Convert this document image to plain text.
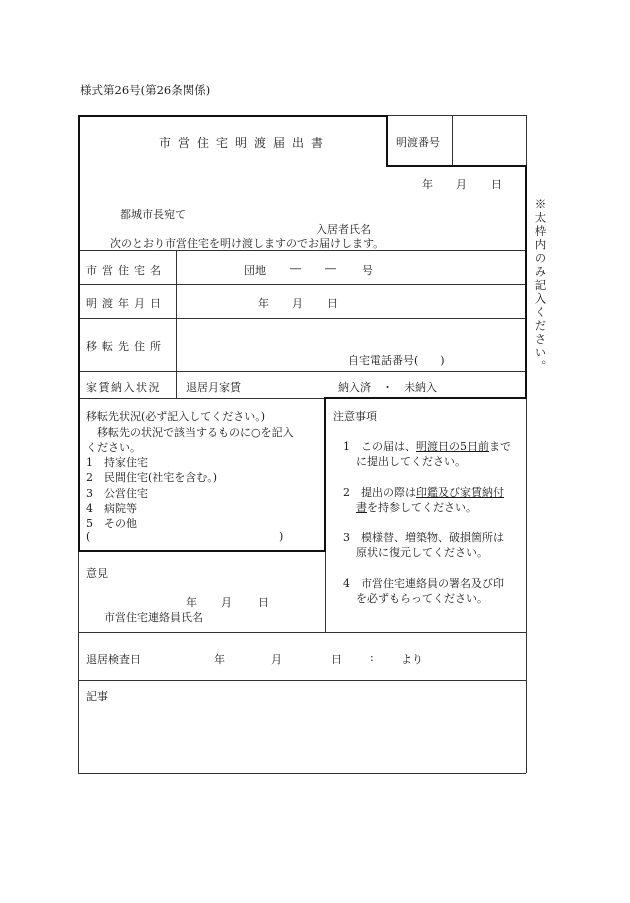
様式第26号(第26条関係)
市営住宅明渡届出書	明渡番号
年 月 日
都城市長宛て
入居者氏名
次のとおり市営住宅を明け渡しますのでお届けします。
市営住宅名	団地 ― ― 号
明渡年月日	年 月 日
移転先住所
自宅電話番号(　　)
家賃納入状況 退居月家賃	納入済　・　未納入
移転先状況(必ず記入してください。)
　移転先の状況で該当するものに○を記入
ください。
1　持家住宅
2　民間住宅(社宅を含む。)
3　公営住宅
4　病院等
5　その他
(	)
注意事項
1　この届は、明渡日の5日前まで
に提出してください。
2　提出の際は印鑑及び家賃納付
書を持参してください。
3　模様替、増築物、破損箇所は
原状に復元してください。
4　市営住宅連絡員の署名及び印
を必ずもらってください。
意見
年 月 日
市営住宅連絡員氏名
退居検査日	年	月	日	: より
記事
※太枠内のみ記入ください。
